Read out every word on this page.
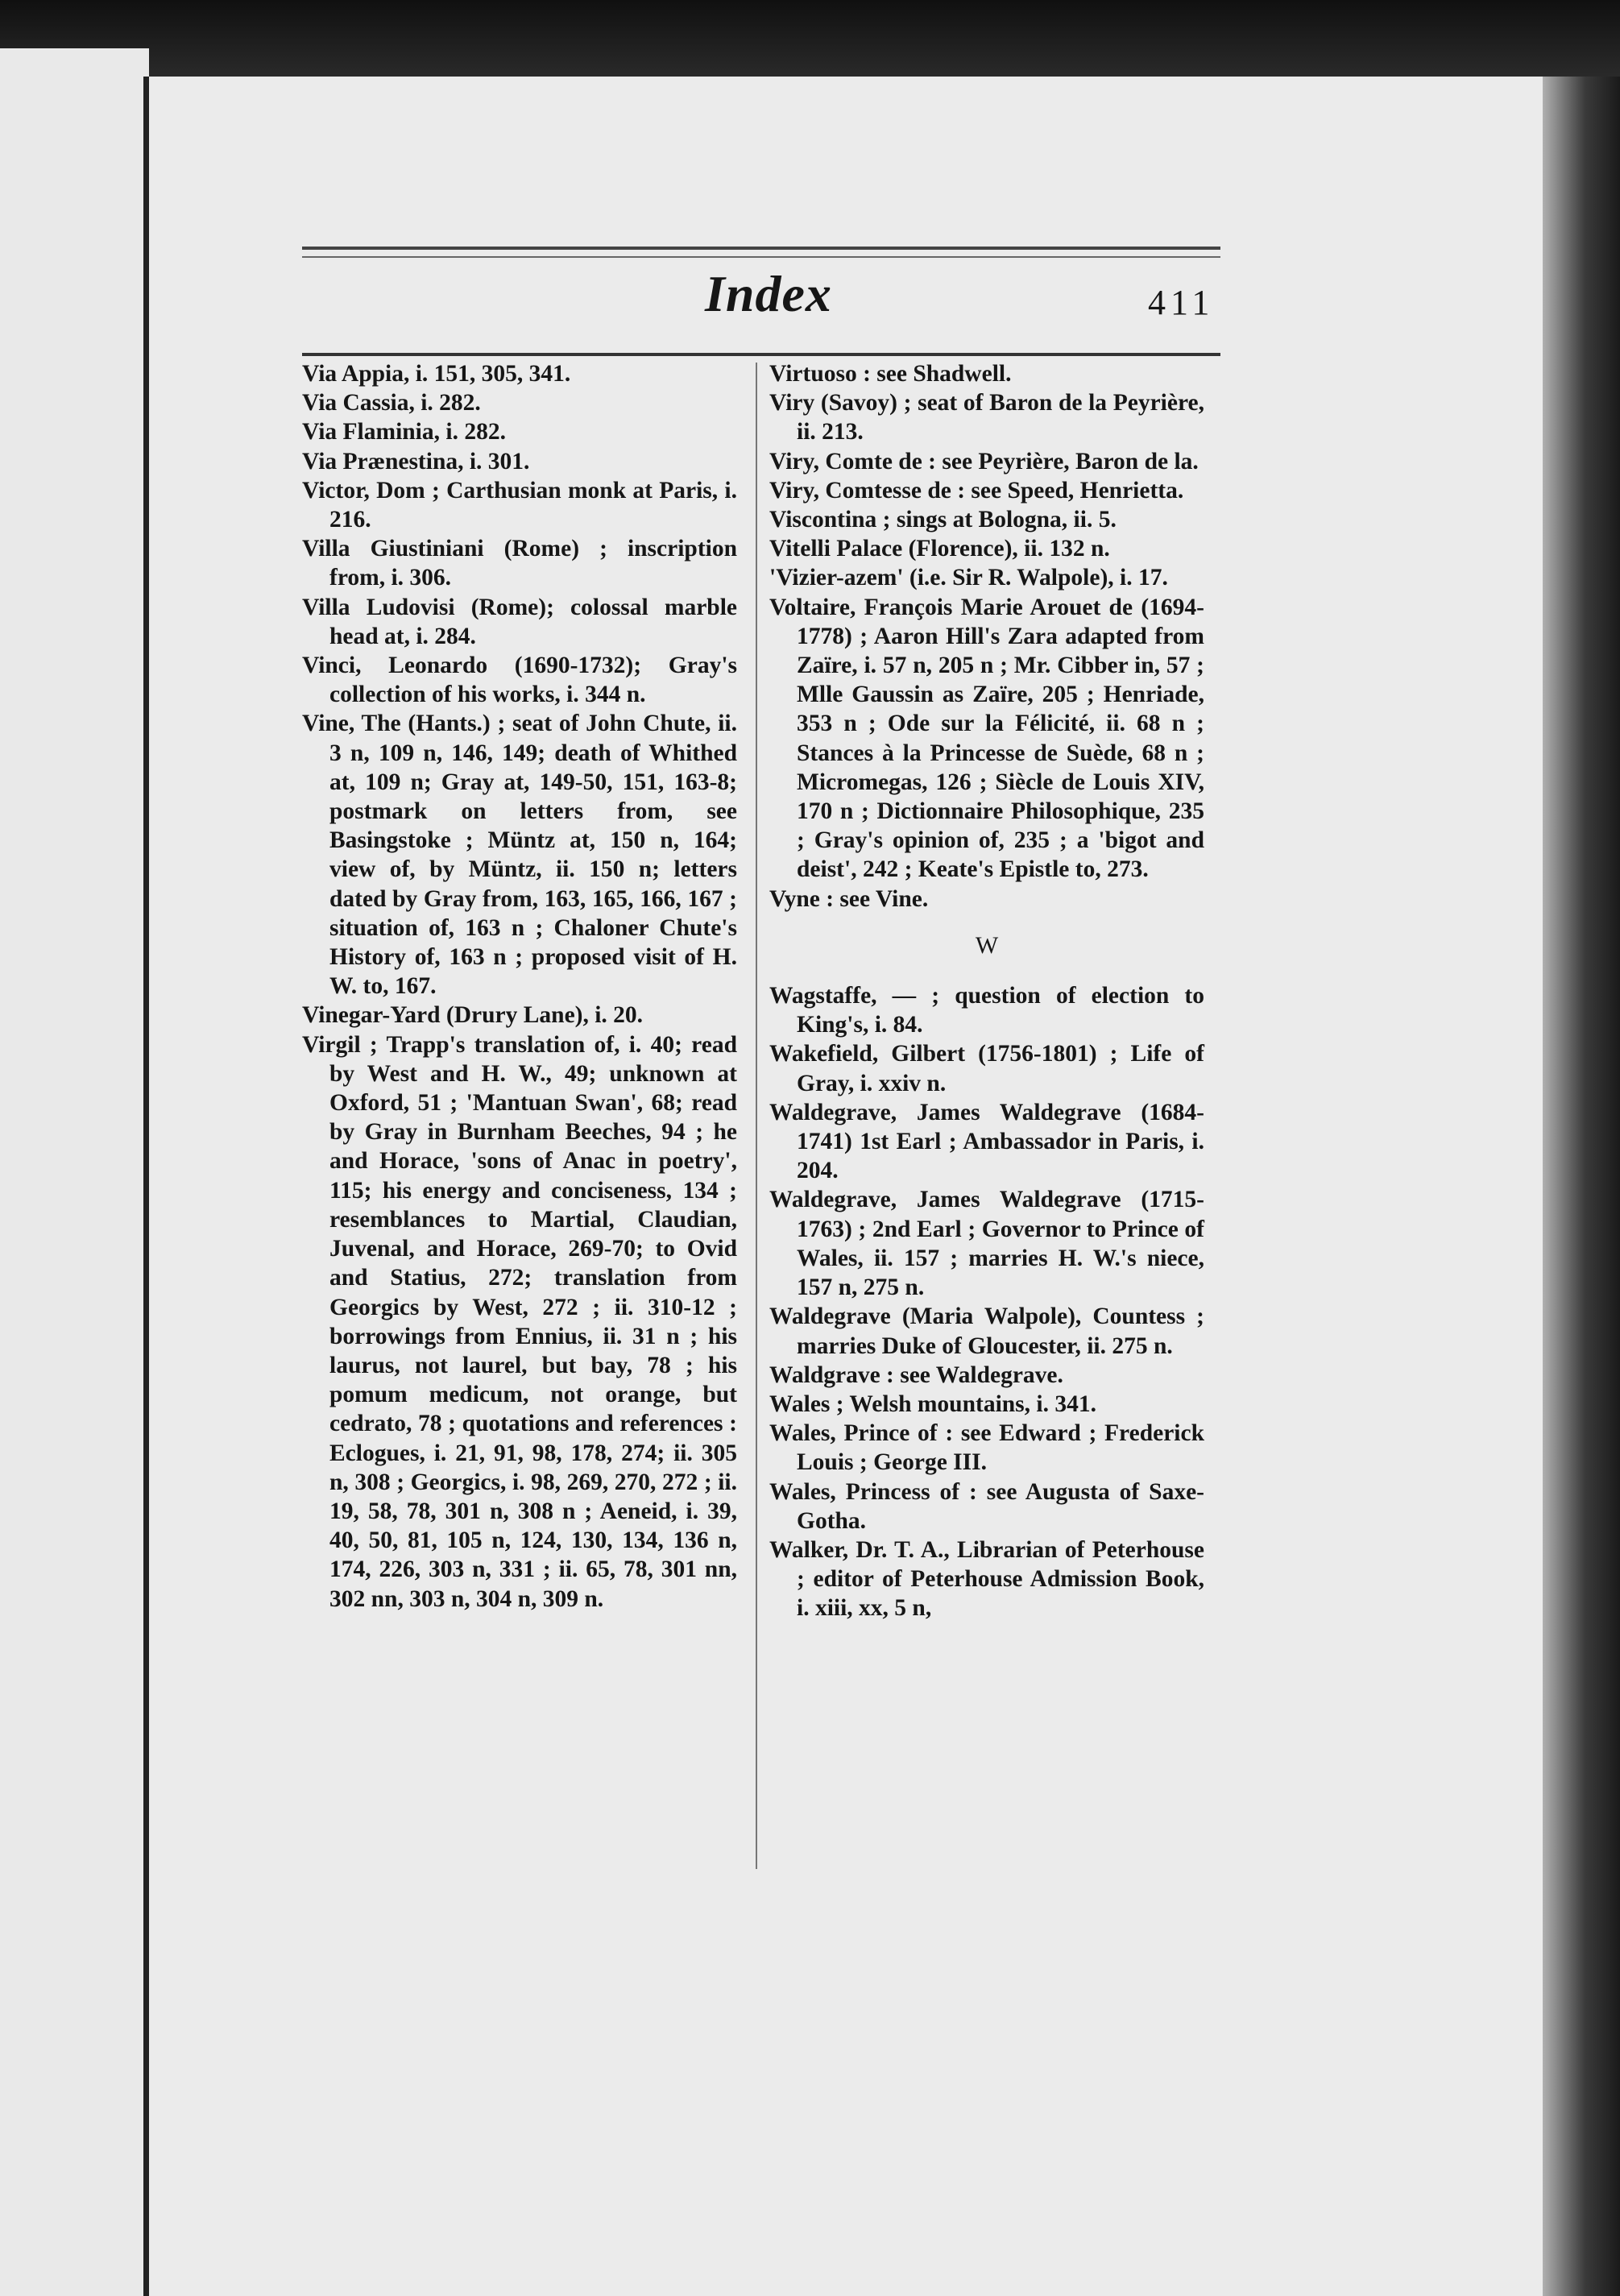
Index	411

Via Appia, i. 151, 305, 341.

Via Cassia, i. 282.

Via Flaminia, i. 282.

Via Prænestina, i. 301.

Victor, Dom ; Carthusian monk at Paris, i. 216.

Villa Giustiniani (Rome) ; inscription from, i. 306.

Villa Ludovisi (Rome); colossal marble head at, i. 284.

Vinci, Leonardo (1690-1732); Gray's collection of his works, i. 344 n.

Vine, The (Hants.) ; seat of John Chute, ii. 3 n, 109 n, 146, 149; death of Whithed at, 109 n; Gray at, 149-50, 151, 163-8; postmark on letters from, see Basingstoke ; Müntz at, 150 n, 164; view of, by Müntz, ii. 150 n; letters dated by Gray from, 163, 165, 166, 167 ; situation of, 163 n ; Chaloner Chute's History of, 163 n ; proposed visit of H. W. to, 167.

Vinegar-Yard (Drury Lane), i. 20.

Virgil ; Trapp's translation of, i. 40; read by West and H. W., 49; unknown at Oxford, 51 ; 'Mantuan Swan', 68; read by Gray in Burnham Beeches, 94 ; he and Horace, 'sons of Anac in poetry', 115; his energy and conciseness, 134 ; resemblances to Martial, Claudian, Juvenal, and Horace, 269-70; to Ovid and Statius, 272; translation from Georgics by West, 272 ; ii. 310-12 ; borrowings from Ennius, ii. 31 n ; his laurus, not laurel, but bay, 78 ; his pomum medicum, not orange, but cedrato, 78 ; quotations and references : Eclogues, i. 21, 91, 98, 178, 274; ii. 305 n, 308 ; Georgics, i. 98, 269, 270, 272 ; ii. 19, 58, 78, 301 n, 308 n ; Aeneid, i. 39, 40, 50, 81, 105 n, 124, 130, 134, 136 n, 174, 226, 303 n, 331 ; ii. 65, 78, 301 nn, 302 nn, 303 n, 304 n, 309 n.

Virtuoso : see Shadwell.

Viry (Savoy) ; seat of Baron de la Peyrière, ii. 213.

Viry, Comte de : see Peyrière, Baron de la.

Viry, Comtesse de : see Speed, Henrietta.

Viscontina ; sings at Bologna, ii. 5.

Vitelli Palace (Florence), ii. 132 n.

'Vizier-azem' (i.e. Sir R. Walpole), i. 17.

Voltaire, François Marie Arouet de (1694-1778) ; Aaron Hill's Zara adapted from Zaïre, i. 57 n, 205 n ; Mr. Cibber in, 57 ; Mlle Gaussin as Zaïre, 205 ; Henriade, 353 n ; Ode sur la Félicité, ii. 68 n ; Stances à la Princesse de Suède, 68 n ; Micromegas, 126 ; Siècle de Louis XIV, 170 n ; Dictionnaire Philosophique, 235 ; Gray's opinion of, 235 ; a 'bigot and deist', 242 ; Keate's Epistle to, 273.

Vyne : see Vine.

W

Wagstaffe, — ; question of election to King's, i. 84.

Wakefield, Gilbert (1756-1801) ; Life of Gray, i. xxiv n.

Waldegrave, James Waldegrave (1684-1741) 1st Earl ; Ambassador in Paris, i. 204.

Waldegrave, James Waldegrave (1715-1763) ; 2nd Earl ; Governor to Prince of Wales, ii. 157 ; marries H. W.'s niece, 157 n, 275 n.

Waldegrave (Maria Walpole), Countess ; marries Duke of Gloucester, ii. 275 n.

Waldgrave : see Waldegrave.

Wales ; Welsh mountains, i. 341.

Wales, Prince of : see Edward ; Frederick Louis ; George III.

Wales, Princess of : see Augusta of Saxe-Gotha.

Walker, Dr. T. A., Librarian of Peterhouse ; editor of Peterhouse Admission Book, i. xiii, xx, 5 n,
